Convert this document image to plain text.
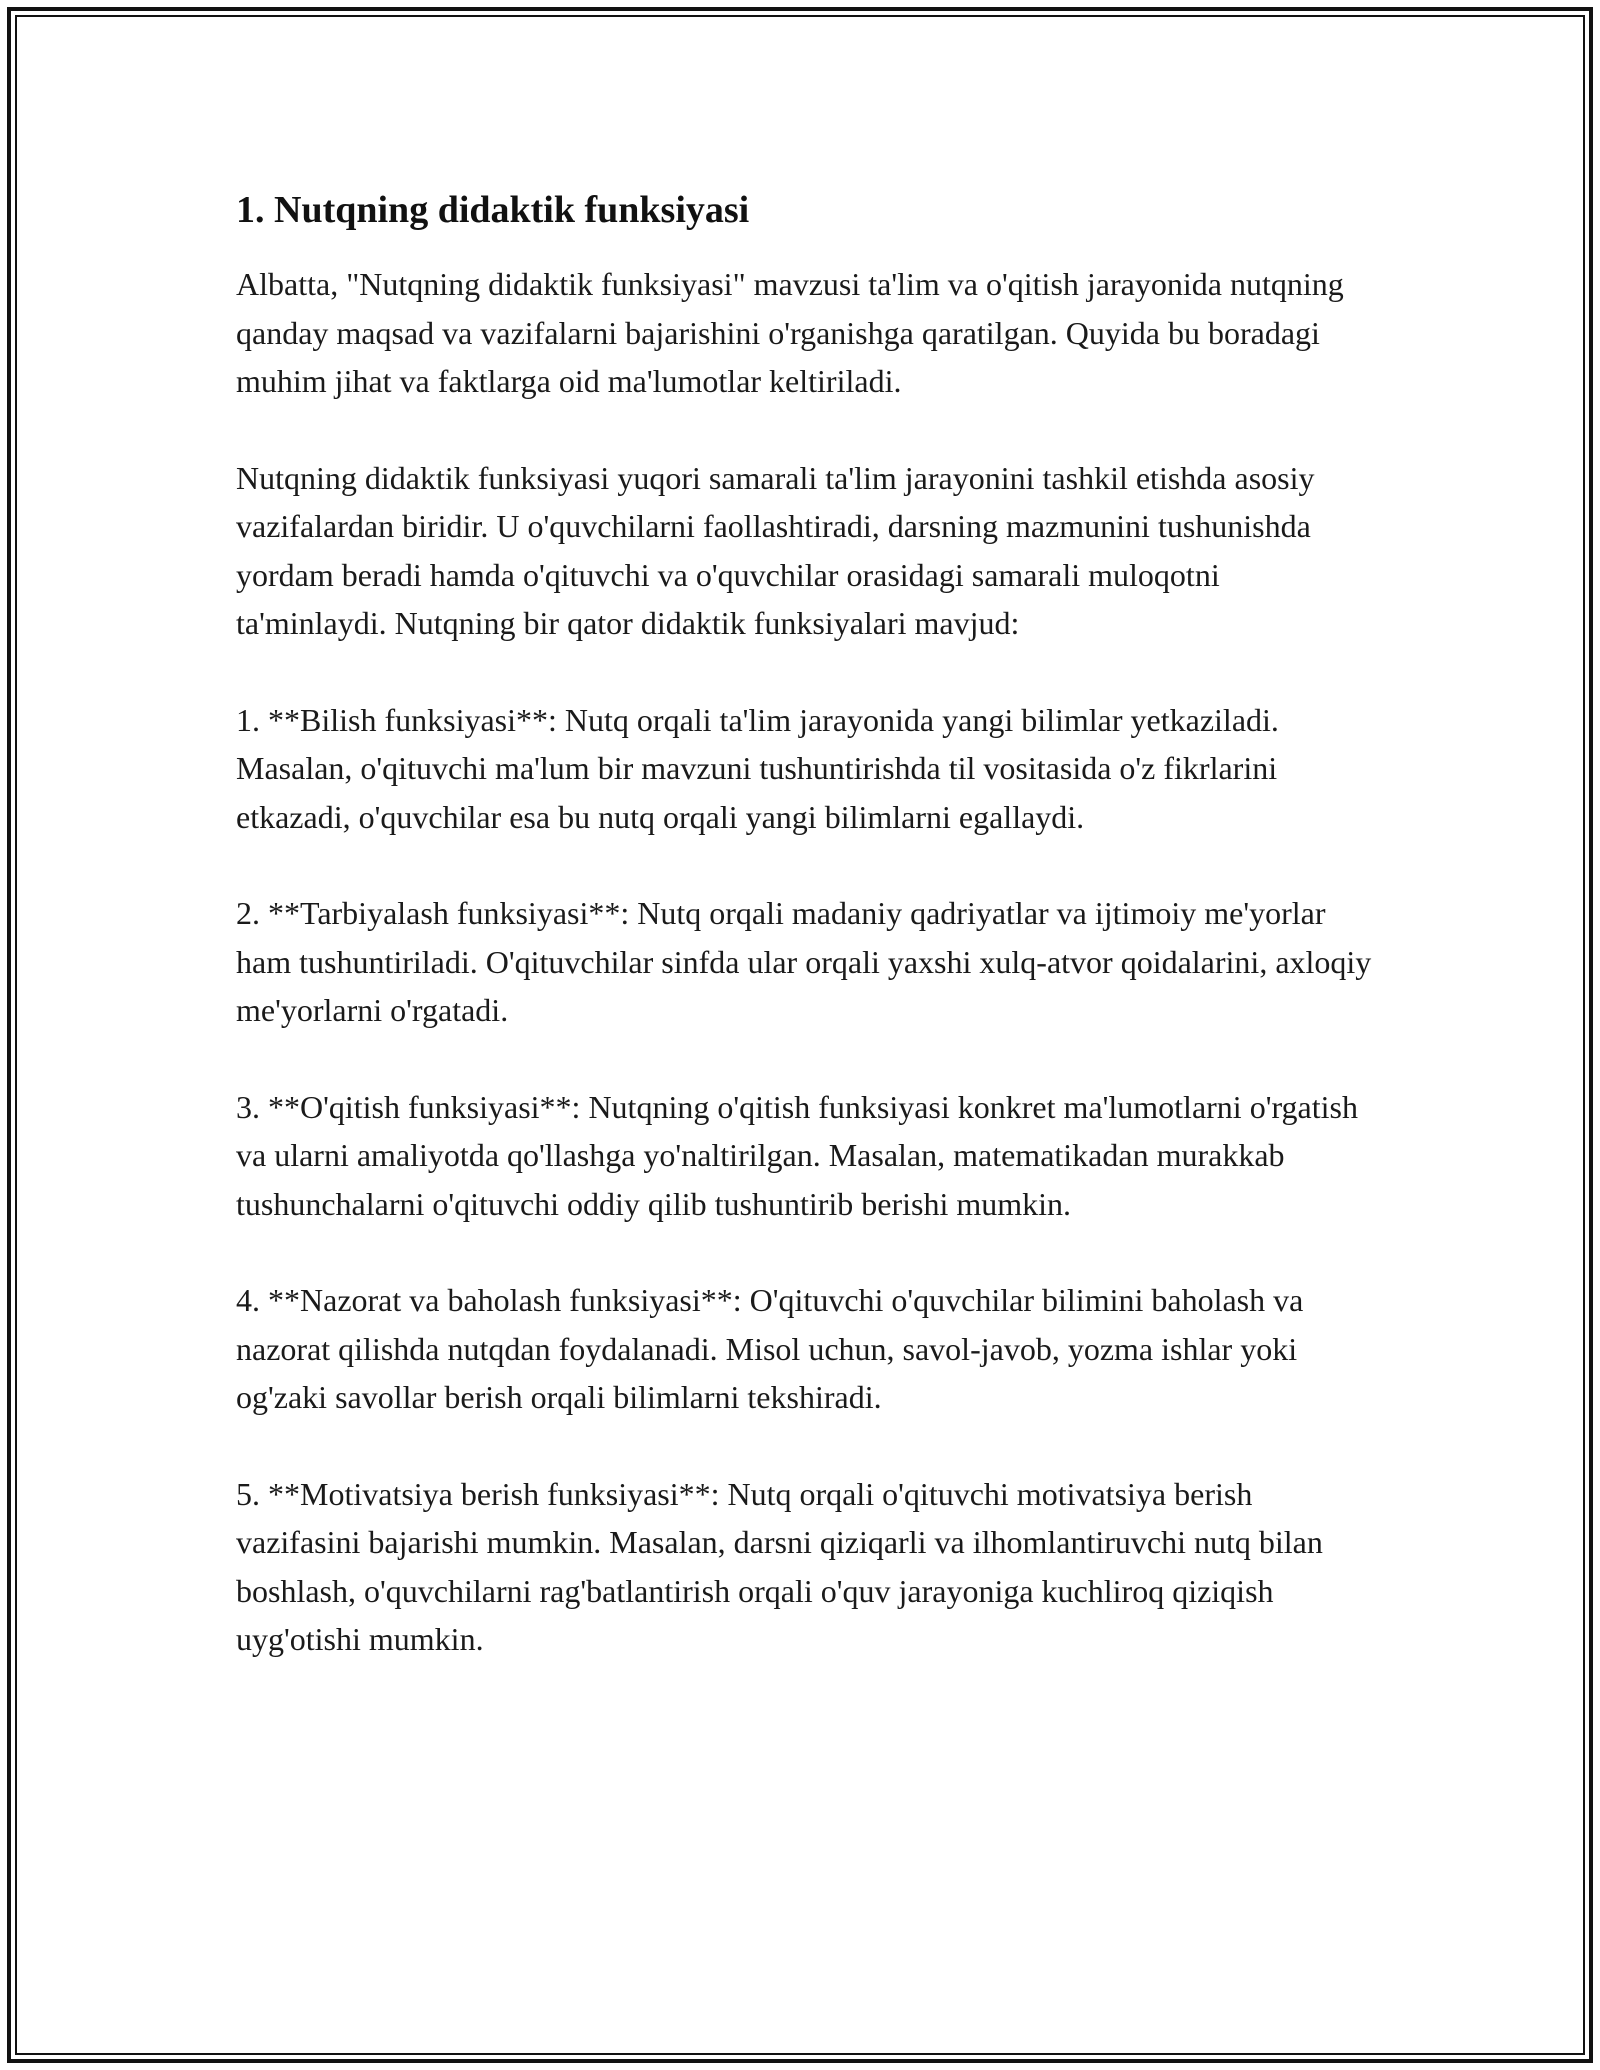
1. Nutqning didaktik funksiyasi

Albatta, "Nutqning didaktik funksiyasi" mavzusi ta'lim va o'qitish jarayonida nutqning qanday maqsad va vazifalarni bajarishini o'rganishga qaratilgan. Quyida bu boradagi muhim jihat va faktlarga oid ma'lumotlar keltiriladi.

Nutqning didaktik funksiyasi yuqori samarali ta'lim jarayonini tashkil etishda asosiy vazifalardan biridir. U o'quvchilarni faollashtiradi, darsning mazmunini tushunishda yordam beradi hamda o'qituvchi va o'quvchilar orasidagi samarali muloqotni ta'minlaydi. Nutqning bir qator didaktik funksiyalari mavjud:

1. **Bilish funksiyasi**: Nutq orqali ta'lim jarayonida yangi bilimlar yetkaziladi. Masalan, o'qituvchi ma'lum bir mavzuni tushuntirishda til vositasida o'z fikrlarini etkazadi, o'quvchilar esa bu nutq orqali yangi bilimlarni egallaydi.

2. **Tarbiyalash funksiyasi**: Nutq orqali madaniy qadriyatlar va ijtimoiy me'yorlar ham tushuntiriladi. O'qituvchilar sinfda ular orqali yaxshi xulq-atvor qoidalarini, axloqiy me'yorlarni o'rgatadi.

3. **O'qitish funksiyasi**: Nutqning o'qitish funksiyasi konkret ma'lumotlarni o'rgatish va ularni amaliyotda qo'llashga yo'naltirilgan. Masalan, matematikadan murakkab tushunchalarni o'qituvchi oddiy qilib tushuntirib berishi mumkin.

4. **Nazorat va baholash funksiyasi**: O'qituvchi o'quvchilar bilimini baholash va nazorat qilishda nutqdan foydalanadi. Misol uchun, savol-javob, yozma ishlar yoki og'zaki savollar berish orqali bilimlarni tekshiradi.

5. **Motivatsiya berish funksiyasi**: Nutq orqali o'qituvchi motivatsiya berish vazifasini bajarishi mumkin. Masalan, darsni qiziqarli va ilhomlantiruvchi nutq bilan boshlash, o'quvchilarni rag'batlantirish orqali o'quv jarayoniga kuchliroq qiziqish uyg'otishi mumkin.
